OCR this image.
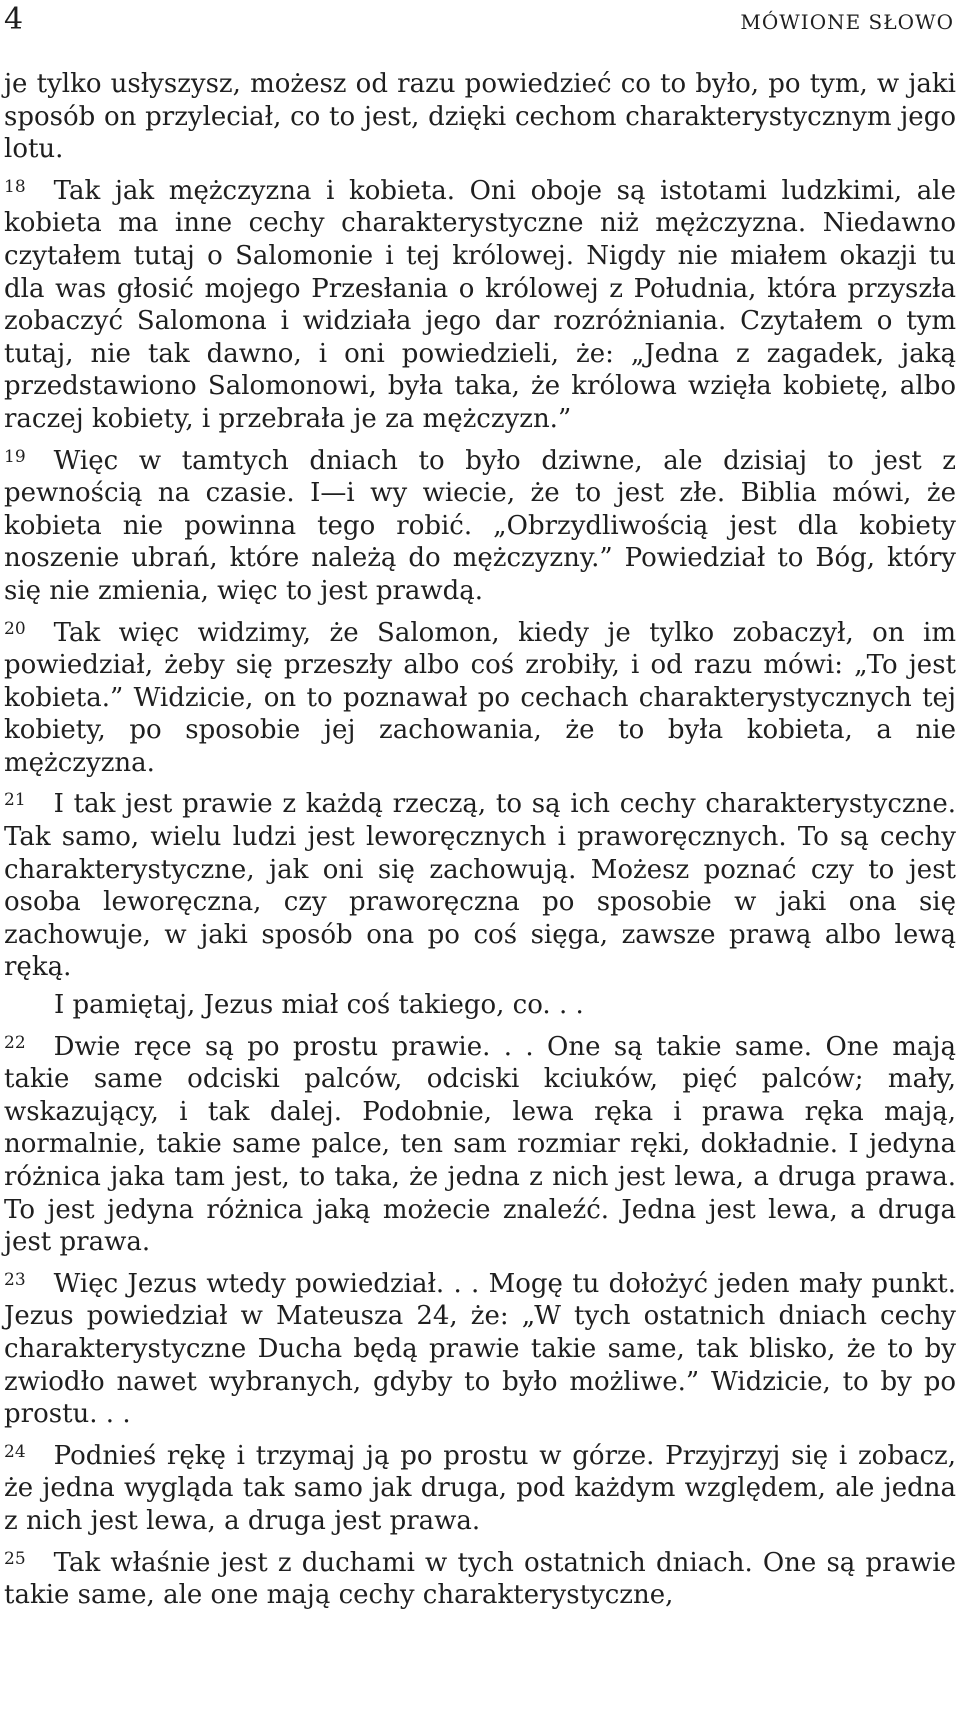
4	MÓWIONE SŁOWO

je tylko usłyszysz, możesz od razu powiedzieć co to było, po tym, w jaki sposób on przyleciał, co to jest, dzięki cechom charakterystycznym jego lotu.

$^{18}$ Tak jak mężczyzna i kobieta. Oni oboje są istotami ludzkimi, ale kobieta ma inne cechy charakterystyczne niż mężczyzna. Niedawno czytałem tutaj o Salomonie i tej królowej. Nigdy nie miałem okazji tu dla was głosić mojego Przesłania o królowej z Południa, która przyszła zobaczyć Salomona i widziała jego dar rozróżniania. Czytałem o tym tutaj, nie tak dawno, i oni powiedzieli, że: „Jedna z zagadek, jaką przedstawiono Salomonowi, była taka, że królowa wzięła kobietę, albo raczej kobiety, i przebrała je za mężczyzn.”

$^{19}$ Więc w tamtych dniach to było dziwne, ale dzisiaj to jest z pewnością na czasie. I—i wy wiecie, że to jest złe. Biblia mówi, że kobieta nie powinna tego robić. „Obrzydliwością jest dla kobiety noszenie ubrań, które należą do mężczyzny.” Powiedział to Bóg, który się nie zmienia, więc to jest prawdą.

$^{20}$ Tak więc widzimy, że Salomon, kiedy je tylko zobaczył, on im powiedział, żeby się przeszły albo coś zrobiły, i od razu mówi: „To jest kobieta.” Widzicie, on to poznawał po cechach charakterystycznych tej kobiety, po sposobie jej zachowania, że to była kobieta, a nie mężczyzna.

$^{21}$ I tak jest prawie z każdą rzeczą, to są ich cechy charakterystyczne. Tak samo, wielu ludzi jest leworęcznych i praworęcznych. To są cechy charakterystyczne, jak oni się zachowują. Możesz poznać czy to jest osoba leworęczna, czy praworęczna po sposobie w jaki ona się zachowuje, w jaki sposób ona po coś sięga, zawsze prawą albo lewą ręką.

I pamiętaj, Jezus miał coś takiego, co. . .

$^{22}$ Dwie ręce są po prostu prawie. . . One są takie same. One mają takie same odciski palców, odciski kciuków, pięć palców; mały, wskazujący, i tak dalej. Podobnie, lewa ręka i prawa ręka mają, normalnie, takie same palce, ten sam rozmiar ręki, dokładnie. I jedyna różnica jaka tam jest, to taka, że jedna z nich jest lewa, a druga prawa. To jest jedyna różnica jaką możecie znaleźć. Jedna jest lewa, a druga jest prawa.

$^{23}$ Więc Jezus wtedy powiedział. . . Mogę tu dołożyć jeden mały punkt. Jezus powiedział w Mateusza 24, że: „W tych ostatnich dniach cechy charakterystyczne Ducha będą prawie takie same, tak blisko, że to by zwiodło nawet wybranych, gdyby to było możliwe.” Widzicie, to by po prostu. . .

$^{24}$ Podnieś rękę i trzymaj ją po prostu w górze. Przyjrzyj się i zobacz, że jedna wygląda tak samo jak druga, pod każdym względem, ale jedna z nich jest lewa, a druga jest prawa.

$^{25}$ Tak właśnie jest z duchami w tych ostatnich dniach. One są prawie takie same, ale one mają cechy charakterystyczne,
